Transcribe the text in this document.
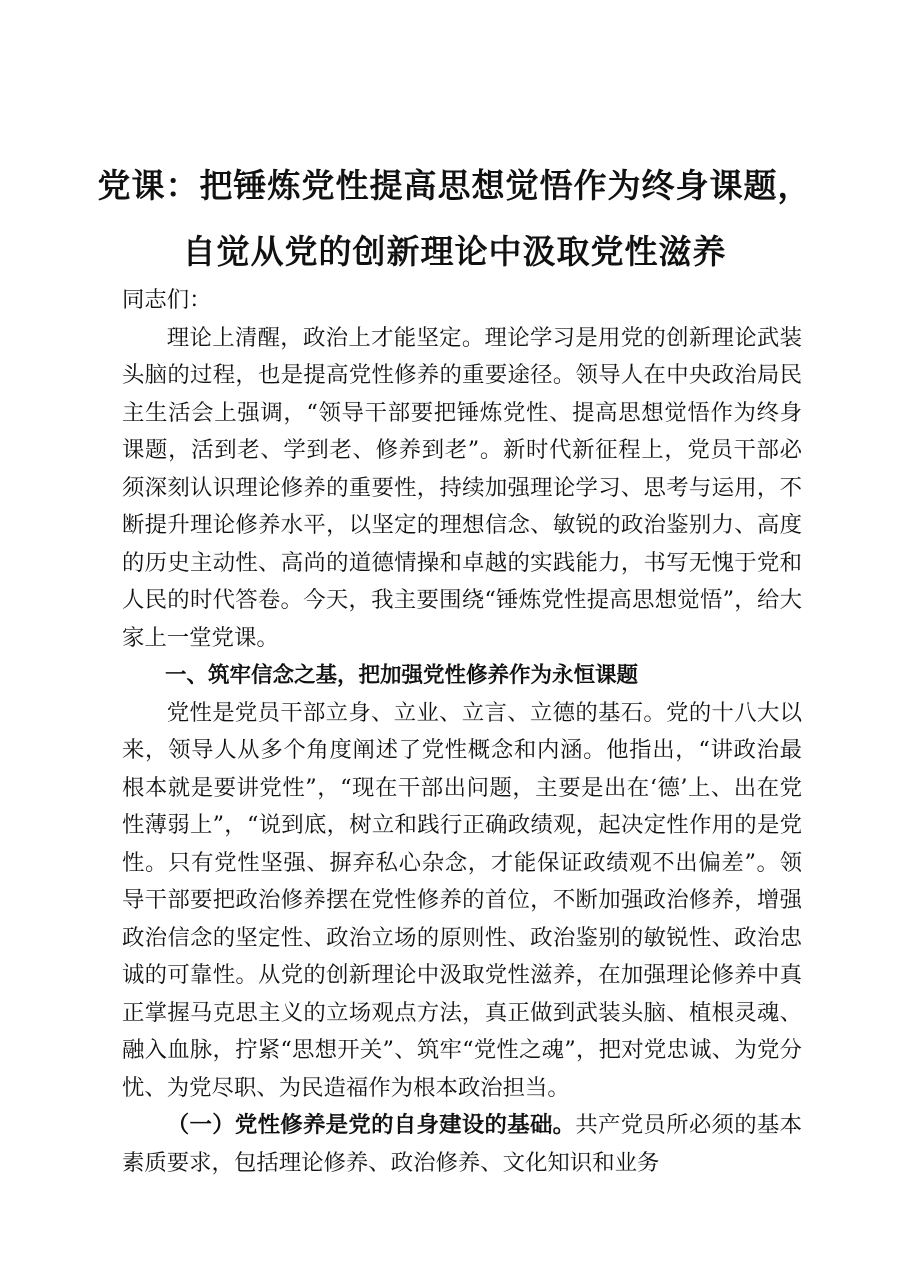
党课：把锤炼党性提高思想觉悟作为终身课题，
自觉从党的创新理论中汲取党性滋养

同志们：

理论上清醒，政治上才能坚定。理论学习是用党的创新理论武装头脑的过程，也是提高党性修养的重要途径。领导人在中央政治局民主生活会上强调，“领导干部要把锤炼党性、提高思想觉悟作为终身课题，活到老、学到老、修养到老”。新时代新征程上，党员干部必须深刻认识理论修养的重要性，持续加强理论学习、思考与运用，不断提升理论修养水平，以坚定的理想信念、敏锐的政治鉴别力、高度的历史主动性、高尚的道德情操和卓越的实践能力，书写无愧于党和人民的时代答卷。今天，我主要围绕“锤炼党性提高思想觉悟”，给大家上一堂党课。

一、筑牢信念之基，把加强党性修养作为永恒课题

党性是党员干部立身、立业、立言、立德的基石。党的十八大以来，领导人从多个角度阐述了党性概念和内涵。他指出，“讲政治最根本就是要讲党性”，“现在干部出问题，主要是出在‘德’上、出在党性薄弱上”，“说到底，树立和践行正确政绩观，起决定性作用的是党性。只有党性坚强、摒弃私心杂念，才能保证政绩观不出偏差”。领导干部要把政治修养摆在党性修养的首位，不断加强政治修养，增强政治信念的坚定性、政治立场的原则性、政治鉴别的敏锐性、政治忠诚的可靠性。从党的创新理论中汲取党性滋养，在加强理论修养中真正掌握马克思主义的立场观点方法，真正做到武装头脑、植根灵魂、融入血脉，拧紧“思想开关”、筑牢“党性之魂”，把对党忠诚、为党分忧、为党尽职、为民造福作为根本政治担当。

（一）党性修养是党的自身建设的基础。共产党员所必须的基本素质要求，包括理论修养、政治修养、文化知识和业务
